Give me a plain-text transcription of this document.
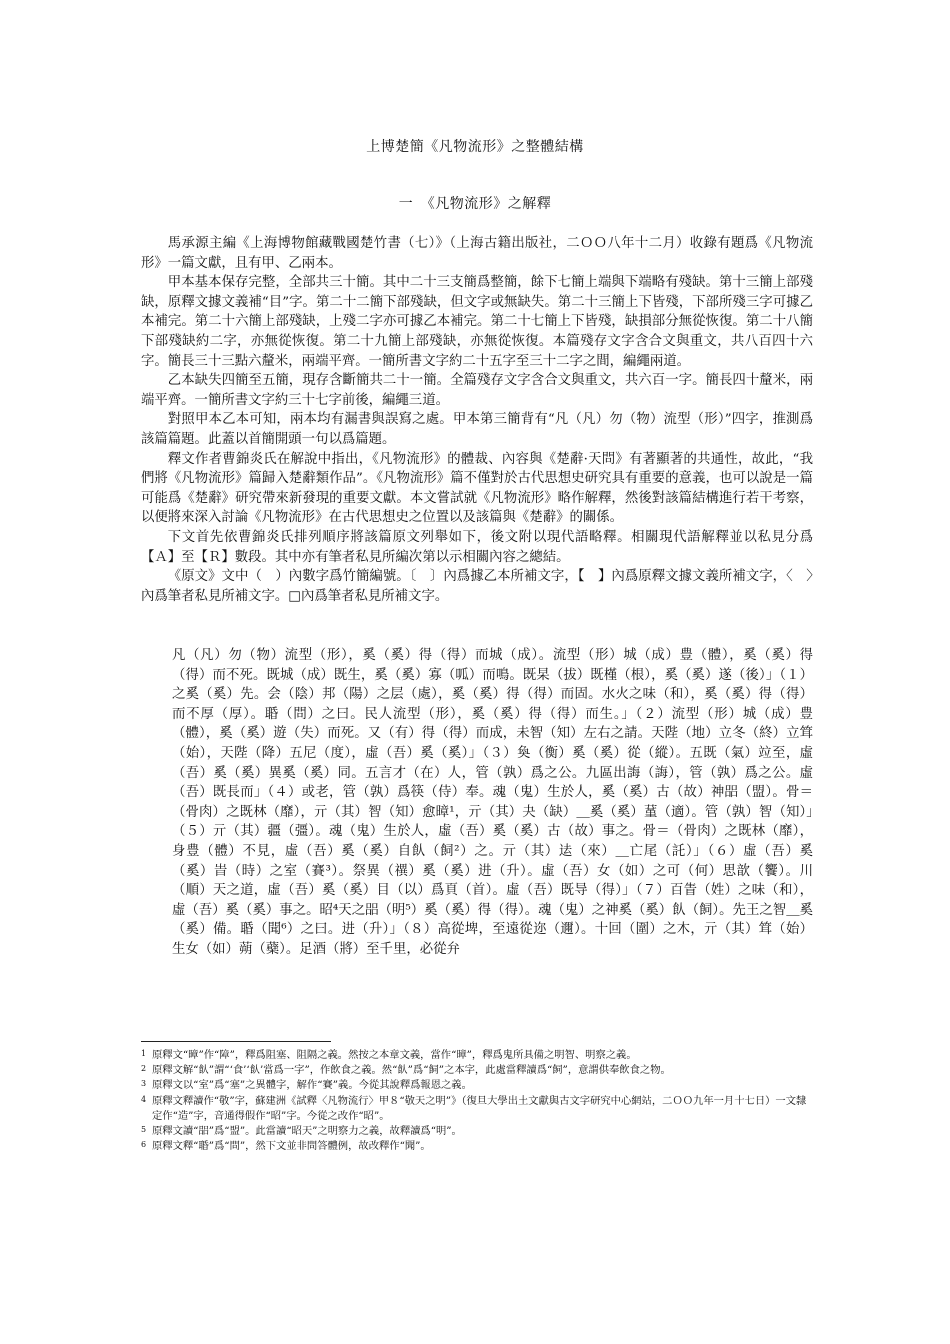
上博楚簡《凡物流形》之整體結構
一　《凡物流形》之解釋

馬承源主編《上海博物館藏戰國楚竹書（七）》（上海古籍出版社，二ＯＯ八年十二月）收錄有題爲《凡物流形》一篇文獻，且有甲、乙兩本。

甲本基本保存完整，全部共三十簡。其中二十三支簡爲整簡，餘下七簡上端與下端略有殘缺。第十三簡上部殘缺，原釋文據文義補“目”字。第二十二簡下部殘缺，但文字或無缺失。第二十三簡上下皆殘，下部所殘三字可據乙本補完。第二十六簡上部殘缺，上殘二字亦可據乙本補完。第二十七簡上下皆殘，缺損部分無從恢復。第二十八簡下部殘缺約二字，亦無從恢復。第二十九簡上部殘缺，亦無從恢復。本篇殘存文字含合文與重文，共八百四十六字。簡長三十三點六釐米，兩端平齊。一簡所書文字約二十五字至三十二字之間，編繩兩道。

乙本缺失四簡至五簡，現存含斷簡共二十一簡。全篇殘存文字含合文與重文，共六百一字。簡長四十釐米，兩端平齊。一簡所書文字約三十七字前後，編繩三道。

對照甲本乙本可知，兩本均有漏書與誤寫之處。甲本第三簡背有“凡（凡）勿（物）流型（形）”四字，推測爲該篇篇題。此蓋以首簡開頭一句以爲篇題。

釋文作者曹錦炎氏在解說中指出，《凡物流形》的體裁、內容與《楚辭·天問》有著顯著的共通性，故此，“我們將《凡物流形》篇歸入楚辭類作品”。《凡物流形》篇不僅對於古代思想史研究具有重要的意義，也可以說是一篇可能爲《楚辭》研究帶來新發現的重要文獻。本文嘗試就《凡物流形》略作解釋，然後對該篇結構進行若干考察，以便將來深入討論《凡物流形》在古代思想史之位置以及該篇與《楚辭》的關係。

下文首先依曹錦炎氏排列順序將該篇原文列舉如下，後文附以現代語略釋。相關現代語解釋並以私見分爲【Ａ】至【Ｒ】數段。其中亦有筆者私見所編次第以示相關內容之總結。

《原文》文中（　）內數字爲竹簡編號。〔　〕內爲據乙本所補文字，【　】內爲原釋文據文義所補文字，〈　〉內爲筆者私見所補文字。□內爲筆者私見所補文字。

凡（凡）勿（物）流型（形），奚（奚）得（得）而城（成）。流型（形）城（成）豊（體），奚（奚）得（得）而不死。既城（成）既生，奚（奚）寡（呱）而鳴。既杲（拔）既槿（根），奚（奚）遂（後）」（１）之奚（奚）先。会（陰）邦（陽）之层（處），奚（奚）得（得）而固。水火之味（和），奚（奚）得（得）而不厚（厚）。䎽（問）之曰。民人流型（形），奚（奚）得（得）而生。」（２）流型（形）城（成）豊（體），奚（奚）遊（失）而死。又（有）得（得）而成，未智（知）左右之請。天陛（地）立冬（終）立䇯（始），天陛（降）五尼（度），虛（吾）奚（奚）」（３）奐（衡）奚（奚）從（縱）。五既（氣）竝至，虛（吾）奚（奚）異奚（奚）同。五言才（在）人，管（孰）爲之公。九區出誨（誨），管（孰）爲之公。虛（吾）既長而」（４）或老，管（孰）爲筷（侍）奉。魂（鬼）生於人，奚（奚）古（故）神㗊（盟）。骨＝（骨肉）之既林（靡），亓（其）智（知）愈暲¹，亓（其）夬（缺）＿奚（奚）蓳（適）。管（孰）智（知）」（５）亓（其）疆（彊）。魂（鬼）生於人，虛（吾）奚（奚）古（故）事之。骨＝（骨肉）之既林（靡），身豊（體）不見，虛（吾）奚（奚）自飤（飼²）之。亓（其）迲（來）＿亡尾（託）」（６）虛（吾）奚（奚）旹（時）之室（賽³）。祭異（禩）奚（奚）进（升）。虛（吾）女（如）之可（何）思歆（饗）。川（順）天之道，虛（吾）奚（奚）目（以）爲頁（首）。虛（吾）既导（得）」（７）百眚（姓）之味（和），虛（吾）奚（奚）事之。昭⁴天之㗊（明⁵）奚（奚）得（得）。魂（鬼）之神奚（奚）飤（飼）。先王之智＿奚（奚）備。䎽（聞⁶）之曰。进（升）」（８）高從埤，至遠從迩（邇）。十回（圍）之木，亓（其）䇯（始）生女（如）蒴（蘗）。足酒（將）至千里，必從弁

1 原釋文“暲”作“障”，釋爲阻塞、阻隔之義。然按之本章文義，當作“暲”，釋爲鬼所具備之明智、明察之義。
2 原釋文解“飤”謂“‘食’‘飤’當爲一字”，作飲食之義。然“飤”爲“飼”之本字，此處當釋讀爲“飼”，意謂供奉飲食之物。
3 原釋文以“室”爲“塞”之異體字，解作“賽”義。今從其說釋爲報恩之義。
4 原釋文釋讀作“敬”字，蘇建洲《試釋〈凡物流行〉甲８“敬天之明”》（復旦大學出土文獻與古文字研究中心網站，二ＯＯ九年一月十七日）一文隸定作“造”字，音通得假作“昭”字。今從之改作“昭”。
5 原釋文讀“㗊”爲“盟”。此當讀“昭天”之明察力之義，故釋讀爲“明”。
6 原釋文釋“䎽”爲“問”，然下文並非問答體例，故改釋作“聞”。
